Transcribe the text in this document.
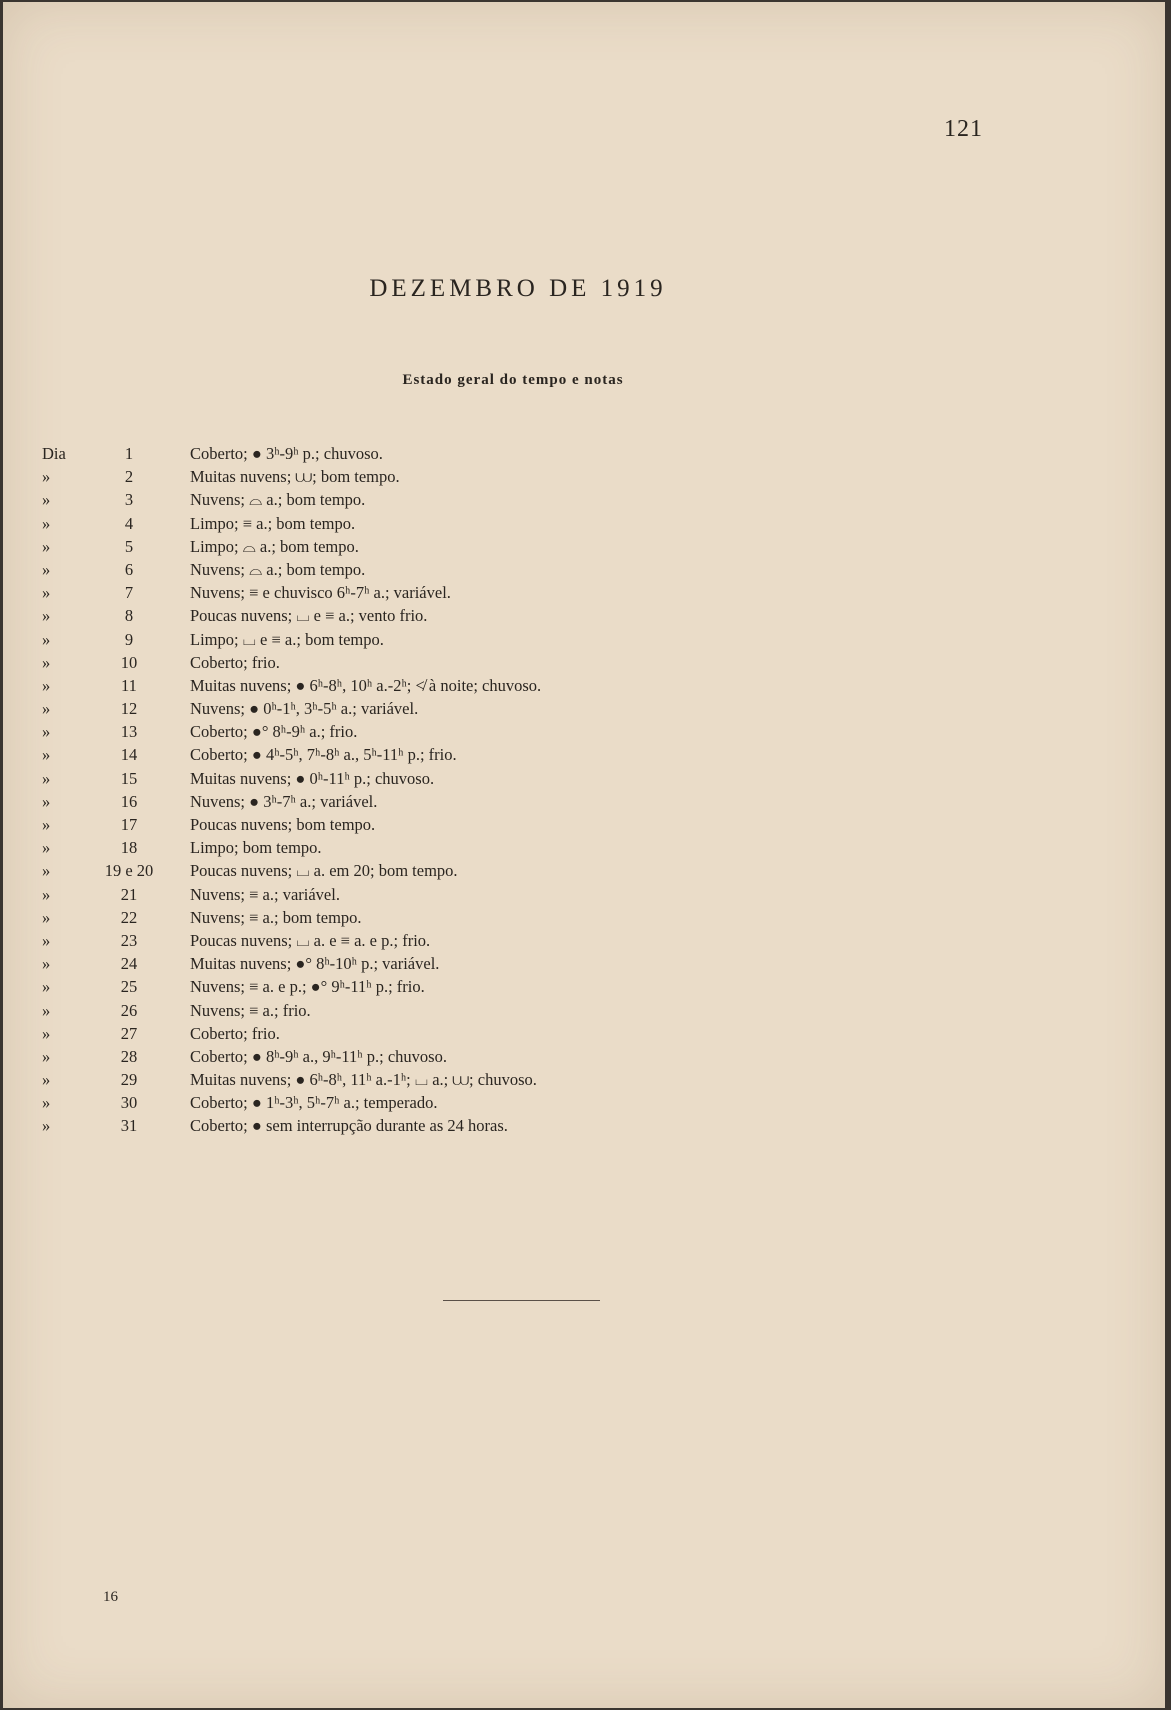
121
DEZEMBRO DE 1919
Estado geral do tempo e notas
Dia	1	Coberto; ● 3ʰ-9ʰ p.; chuvoso.
»	2	Muitas nuvens; ⩊; bom tempo.
»	3	Nuvens; ⌓ a.; bom tempo.
»	4	Limpo; ≡ a.; bom tempo.
»	5	Limpo; ⌓ a.; bom tempo.
»	6	Nuvens; ⌓ a.; bom tempo.
»	7	Nuvens; ≡ e chuvisco 6ʰ-7ʰ a.; variável.
»	8	Poucas nuvens; ⌴ e ≡ a.; vento frio.
»	9	Limpo; ⌴ e ≡ a.; bom tempo.
»	10	Coberto; frio.
»	11	Muitas nuvens; ● 6ʰ-8ʰ, 10ʰ a.-2ʰ; ≮ à noite; chuvoso.
»	12	Nuvens; ● 0ʰ-1ʰ, 3ʰ-5ʰ a.; variável.
»	13	Coberto; ●° 8ʰ-9ʰ a.; frio.
»	14	Coberto; ● 4ʰ-5ʰ, 7ʰ-8ʰ a., 5ʰ-11ʰ p.; frio.
»	15	Muitas nuvens; ● 0ʰ-11ʰ p.; chuvoso.
»	16	Nuvens; ● 3ʰ-7ʰ a.; variável.
»	17	Poucas nuvens; bom tempo.
»	18	Limpo; bom tempo.
»	19 e 20	Poucas nuvens; ⌴ a. em 20; bom tempo.
»	21	Nuvens; ≡ a.; variável.
»	22	Nuvens; ≡ a.; bom tempo.
»	23	Poucas nuvens; ⌴ a. e ≡ a. e p.; frio.
»	24	Muitas nuvens; ●° 8ʰ-10ʰ p.; variável.
»	25	Nuvens; ≡ a. e p.; ●° 9ʰ-11ʰ p.; frio.
»	26	Nuvens; ≡ a.; frio.
»	27	Coberto; frio.
»	28	Coberto; ● 8ʰ-9ʰ a., 9ʰ-11ʰ p.; chuvoso.
»	29	Muitas nuvens; ● 6ʰ-8ʰ, 11ʰ a.-1ʰ; ⌴ a.; ⩊; chuvoso.
»	30	Coberto; ● 1ʰ-3ʰ, 5ʰ-7ʰ a.; temperado.
»	31	Coberto; ● sem interrupção durante as 24 horas.
16
